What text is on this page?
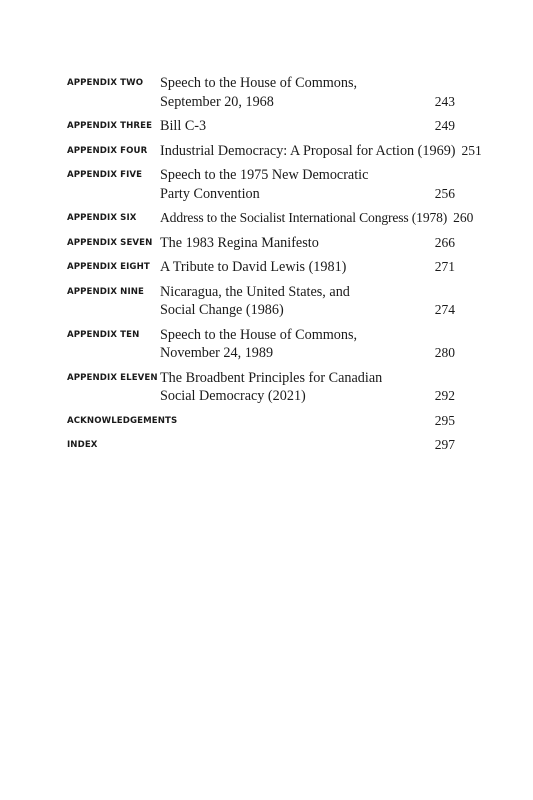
APPENDIX TWO	Speech to the House of Commons,
September 20, 1968	243
APPENDIX THREE Bill C-3	249
APPENDIX FOUR Industrial Democracy: A Proposal for Action (1969) 251
APPENDIX FIVE	Speech to the 1975 New Democratic
Party Convention	256
APPENDIX SIX	Address to the Socialist International Congress (1978) 260
APPENDIX SEVEN The 1983 Regina Manifesto	266
APPENDIX EIGHT A Tribute to David Lewis (1981)	271
APPENDIX NINE	Nicaragua, the United States, and
Social Change (1986)	274
APPENDIX TEN	Speech to the House of Commons,
November 24, 1989	280
APPENDIX ELEVEN The Broadbent Principles for Canadian
Social Democracy (2021)	292
ACKNOWLEDGEMENTS	295
INDEX	297
